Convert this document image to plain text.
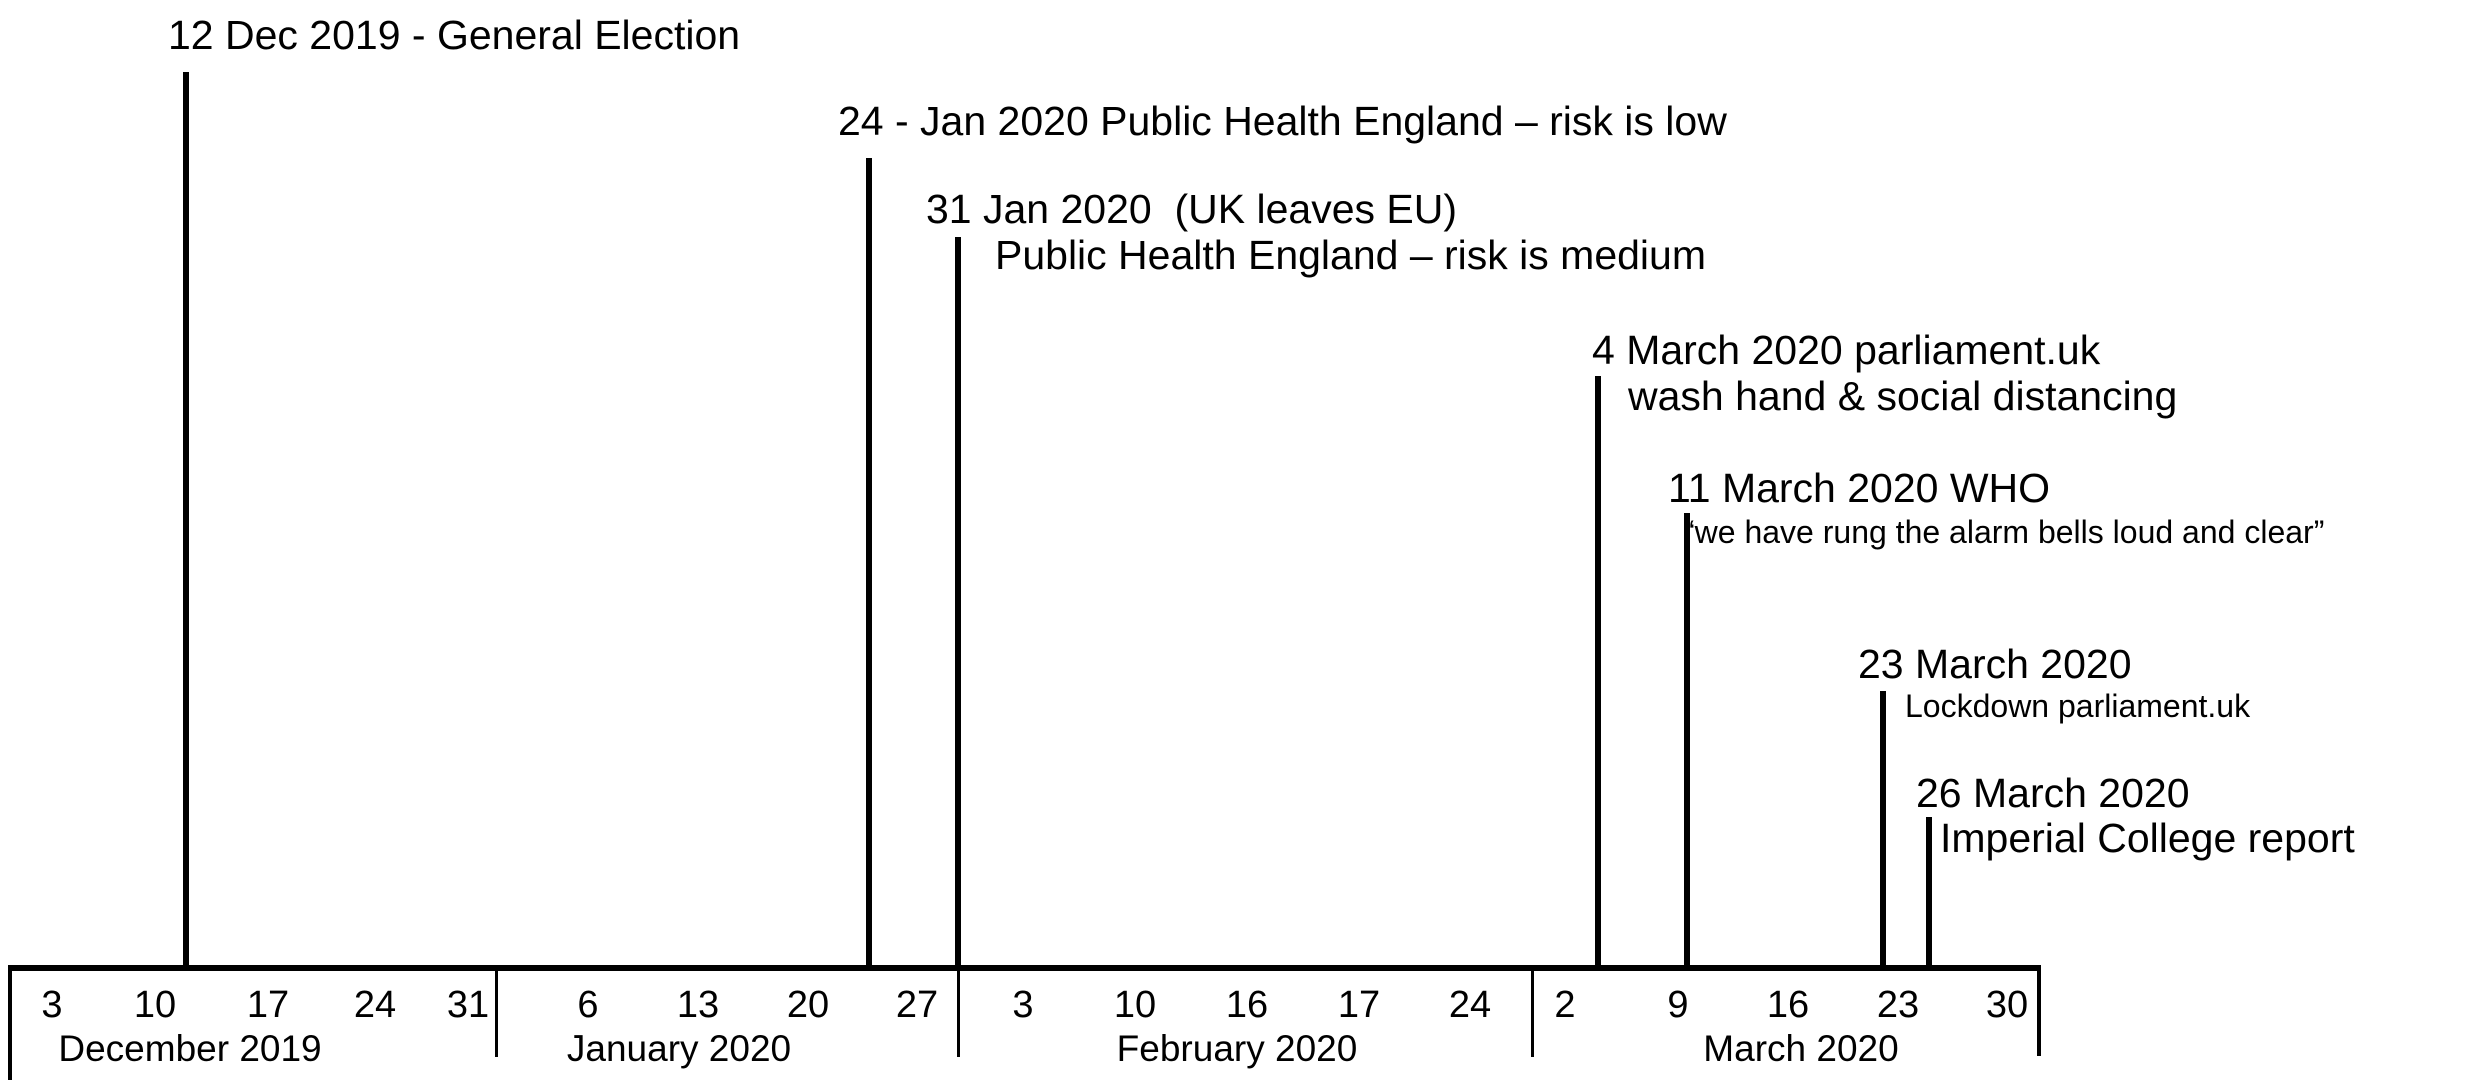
12 Dec 2019 - General Election
24 - Jan 2020 Public Health England – risk is low
31 Jan 2020  (UK leaves EU)
Public Health England – risk is medium
4 March 2020 parliament.uk
wash hand & social distancing
11 March 2020 WHO
“we have rung the alarm bells loud and clear”
23 March 2020
Lockdown parliament.uk
26 March 2020
Imperial College report
3 10 17 24 31
December 2019
6 13 20 27
January 2020
3 10 16 17 24
February 2020
2 9 16 23 30
March 2020
